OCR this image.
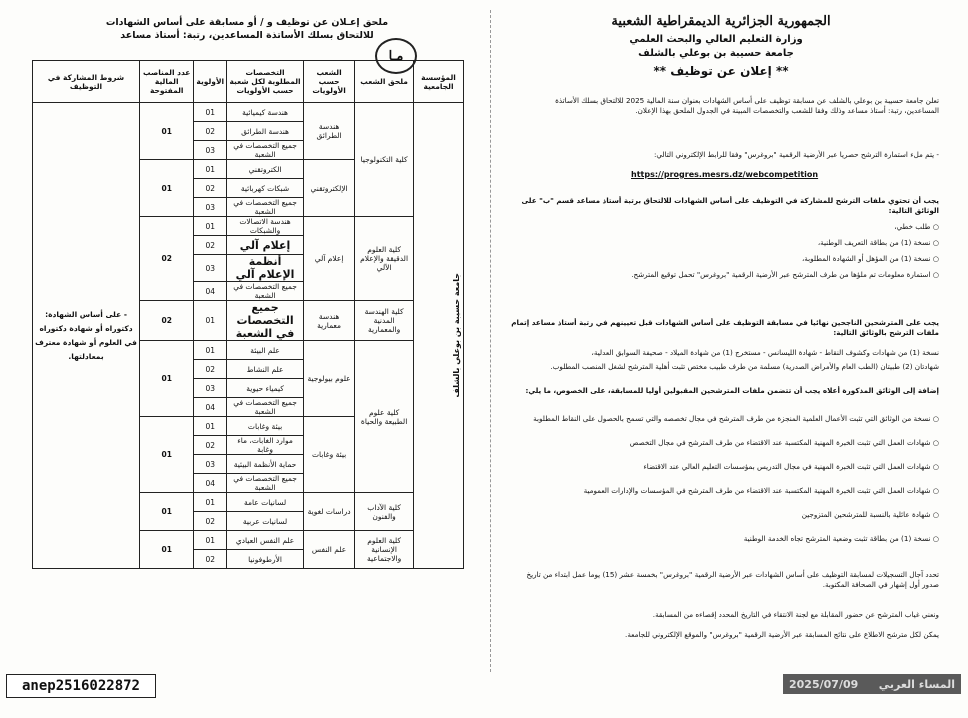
ملحق إعـلان عن توظيف و / أو مسابقة على أساس الشهادات
للالتحاق بسلك الأساتذة المساعدين، رتبة: أستاذ مساعد
مـا
المؤسسة الجامعية	ملحق الشعب	الشعب حسب الأولويات	التخصصات المطلوبة لكل شعبة حسب الأولويات	الأولوية	عدد المناصب المالية المفتوحة	شروط المشاركة في التوظيف

جامعة حسيبة بن بوعلي بالشلف	كلية التكنولوجيا	هندسة الطرائق	هندسة كيميائية	01	01	- على أساس الشهادة: دكتوراه أو شهادة دكتوراه في العلوم أو شهادة معترف بمعادلتها.
			هندسة الطرائق	02		
			جميع التخصصات في الشعبة	03		
		الإلكتروتقني	الكتروتقني	01	01	
			شبكات كهربائية	02		
			جميع التخصصات في الشعبة	03		
	كلية العلوم الدقيقة والإعلام الآلي	إعلام آلي	هندسة الاتصالات والشبكات	01	02	
			إعلام آلي	02		
			أنظمة الإعلام آلي	03		
			جميع التخصصات في الشعبة	04		
	كلية الهندسة المدنية والمعمارية	هندسة معمارية	جميع التخصصات في الشعبة	01	02	
	كلية علوم الطبيعة والحياة	علوم بيولوجية	علم البيئة	01	01	
			علم النشاط	02		
			كيمياء حيوية	03		
			جميع التخصصات في الشعبة	04		
		بيئة وغابات	بيئة وغابات	01	01	
			موارد الغابات، ماء وغابة	02		
			حماية الأنظمة البيئية	03		
			جميع التخصصات في الشعبة	04		
	كلية الآداب والفنون	دراسات لغوية	لسانيات عامة	01	01	
			لسانيات عربية	02		
	كلية العلوم الإنسانية والاجتماعية	علم النفس	علم النفس العيادي	01	01	
			الأرطوفونيا	02		
الجمهورية الجزائرية الديمقراطية الشعبية
وزارة التعليم العالي والبحث العلمي
جامعة حسيبة بن بوعلي بالشلف
** إعلان عن توظيف **
تعلن جامعة حسيبة بن بوعلي بالشلف عن مسابقة توظيف على أساس الشهادات بعنوان سنة المالية 2025 للالتحاق بسلك الأساتذة المساعدين، رتبة: أستاذ مساعد وذلك وفقا للشعب والتخصصات المبينة في الجدول الملحق بهذا الإعلان.
- يتم ملء استمارة الترشح حصريا عبر الأرضية الرقمية "بروغرس" وفقا للرابط الإلكتروني التالي:
https://progres.mesrs.dz/webcompetition
يجب أن تحتوي ملفات الترشح للمشاركة في التوظيف على أساس الشهادات للالتحاق برتبة أستاذ مساعد قسم "ب" على الوثائق التالية:
○ طلب خطي،
○ نسخة (1) من بطاقة التعريف الوطنية،
○ نسخة (1) من المؤهل أو الشهادة المطلوبة،
○ استمارة معلومات تم ملؤها من طرف المترشح عبر الأرضية الرقمية "بروغرس" تحمل توقيع المترشح.
يجب على المترشحين الناجحين نهائيا في مسابقة التوظيف على أساس الشهادات قبل تعيينهم في رتبة أستاذ مساعد إتمام ملفات الترشح بالوثائق التالية:
نسخة (1) من شهادات وكشوف النقاط - شهادة الليسانس - مستخرج (1) من شهادة الميلاد - صحيفة السوابق العدلية،
شهادتان (2) طبيتان (الطب العام والأمراض الصدرية) مسلمة من طرف طبيب مختص تثبت أهلية المترشح لشغل المنصب المطلوب.
إضافة إلى الوثائق المذكورة أعلاه يجب أن تتضمن ملفات المترشحين المقبولين أوليا للمسابقة، على الخصوص، ما يلي:
○ نسخة من الوثائق التي تثبت الأعمال العلمية المنجزة من طرف المترشح في مجال تخصصه والتي تسمح بالحصول على النقاط المطلوبة
○ شهادات العمل التي تثبت الخبرة المهنية المكتسبة عند الاقتضاء من طرف المترشح في مجال التخصص
○ شهادات العمل التي تثبت الخبرة المهنية في مجال التدريس بمؤسسات التعليم العالي عند الاقتضاء
○ شهادات العمل التي تثبت الخبرة المهنية المكتسبة عند الاقتضاء من طرف المترشح في المؤسسات والإدارات العمومية
○ شهادة عائلية بالنسبة للمترشحين المتزوجين
○ نسخة (1) من بطاقة تثبت وضعية المترشح تجاه الخدمة الوطنية
تحدد آجال التسجيلات لمسابقة التوظيف على أساس الشهادات عبر الأرضية الرقمية "بروغرس" بخمسة عشر (15) يوما عمل ابتداء من تاريخ صدور أول إشهار في الصحافة المكتوبة.
ونعني غياب المترشح عن حضور المقابلة مع لجنة الانتقاء في التاريخ المحدد إقصاءه من المسابقة.
يمكن لكل مترشح الاطلاع على نتائج المسابقة عبر الأرضية الرقمية "بروغرس" والموقع الإلكتروني للجامعة.
anep2516022872	2025/07/09 المساء العربي
